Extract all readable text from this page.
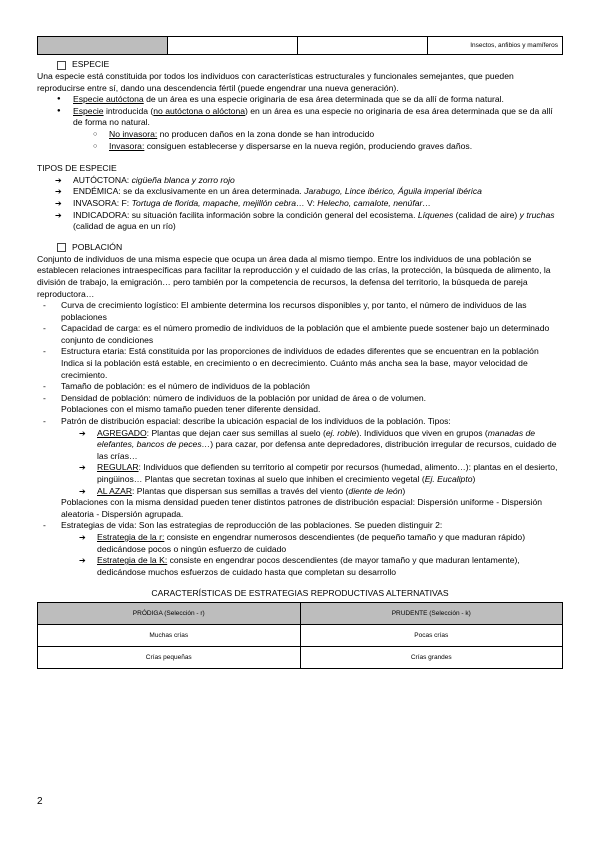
			Insectos, anfibios y mamíferos
ESPECIE

Una especie está constituida por todos los individuos con características estructurales y funcionales semejantes, que pueden reproducirse entre sí, dando una descendencia fértil (puede engendrar una nueva generación).

● Especie autóctona de un área es una especie originaria de esa área determinada que se da allí de forma natural.
● Especie introducida (no autóctona o alóctona) en un área es una especie no originaria de esa área determinada que se da allí de forma no natural.
○ No invasora: no producen daños en la zona donde se han introducido
○ Invasora: consiguen establecerse y dispersarse en la nueva región, produciendo graves daños.

TIPOS DE ESPECIE

➔ AUTÓCTONA: cigüeña blanca y zorro rojo
➔ ENDÉMICA: se da exclusivamente en un área determinada. Jarabugo, Lince ibérico, Águila imperial ibérica
➔ INVASORA: F: Tortuga de florida, mapache, mejillón cebra… V: Helecho, camalote, nenúfar…
➔ INDICADORA: su situación facilita información sobre la condición general del ecosistema. Líquenes (calidad de aire) y truchas (calidad de agua en un río)
POBLACIÓN

Conjunto de individuos de una misma especie que ocupa un área dada al mismo tiempo. Entre los individuos de una población se establecen relaciones intraespecíficas para facilitar la reproducción y el cuidado de las crías, la protección, la búsqueda de alimento, la división de trabajo, la emigración… pero también por la competencia de recursos, la defensa del territorio, la búsqueda de pareja reproductora…

- Curva de crecimiento logístico: El ambiente determina los recursos disponibles y, por tanto, el número de individuos de las poblaciones
- Capacidad de carga: es el número promedio de individuos de la población que el ambiente puede sostener bajo un determinado conjunto de condiciones
- Estructura etaria: Está constituida por las proporciones de individuos de edades diferentes que se encuentran en la población Indica si la población está estable, en crecimiento o en decrecimiento. Cuánto más ancha sea la base, mayor velocidad de crecimiento.
- Tamaño de población: es el número de individuos de la población
- Densidad de población: número de individuos de la población por unidad de área o de volumen.
Poblaciones con el mismo tamaño pueden tener diferente densidad.
- Patrón de distribución espacial: describe la ubicación espacial de los individuos de la población. Tipos:
➔ AGREGADO: Plantas que dejan caer sus semillas al suelo (ej. roble). Individuos que viven en grupos (manadas de elefantes, bancos de peces…) para cazar, por defensa ante depredadores, distribución irregular de recursos, cuidado de las crías…
➔ REGULAR: Individuos que defienden su territorio al competir por recursos (humedad, alimento…): plantas en el desierto, pingüinos… Plantas que secretan toxinas al suelo que inhiben el crecimiento vegetal (Ej. Eucalipto)
➔ AL AZAR: Plantas que dispersan sus semillas a través del viento (diente de león)
Poblaciones con la misma densidad pueden tener distintos patrones de distribución espacial: Dispersión uniforme - Dispersión aleatoria - Dispersión agrupada.
- Estrategias de vida: Son las estrategias de reproducción de las poblaciones. Se pueden distinguir 2:
➔ Estrategia de la r: consiste en engendrar numerosos descendientes (de pequeño tamaño y que maduran rápido) dedicándose pocos o ningún esfuerzo de cuidado
➔ Estrategia de la K: consiste en engendrar pocos descendientes (de mayor tamaño y que maduran lentamente), dedicándose muchos esfuerzos de cuidado hasta que completan su desarrollo

CARACTERÍSTICAS DE ESTRATEGIAS REPRODUCTIVAS ALTERNATIVAS

PRÓDIGA (Selección - r)	PRUDENTE (Selección - k)
Muchas crías	Pocas crías
Crías pequeñas	Crías grandes
2
